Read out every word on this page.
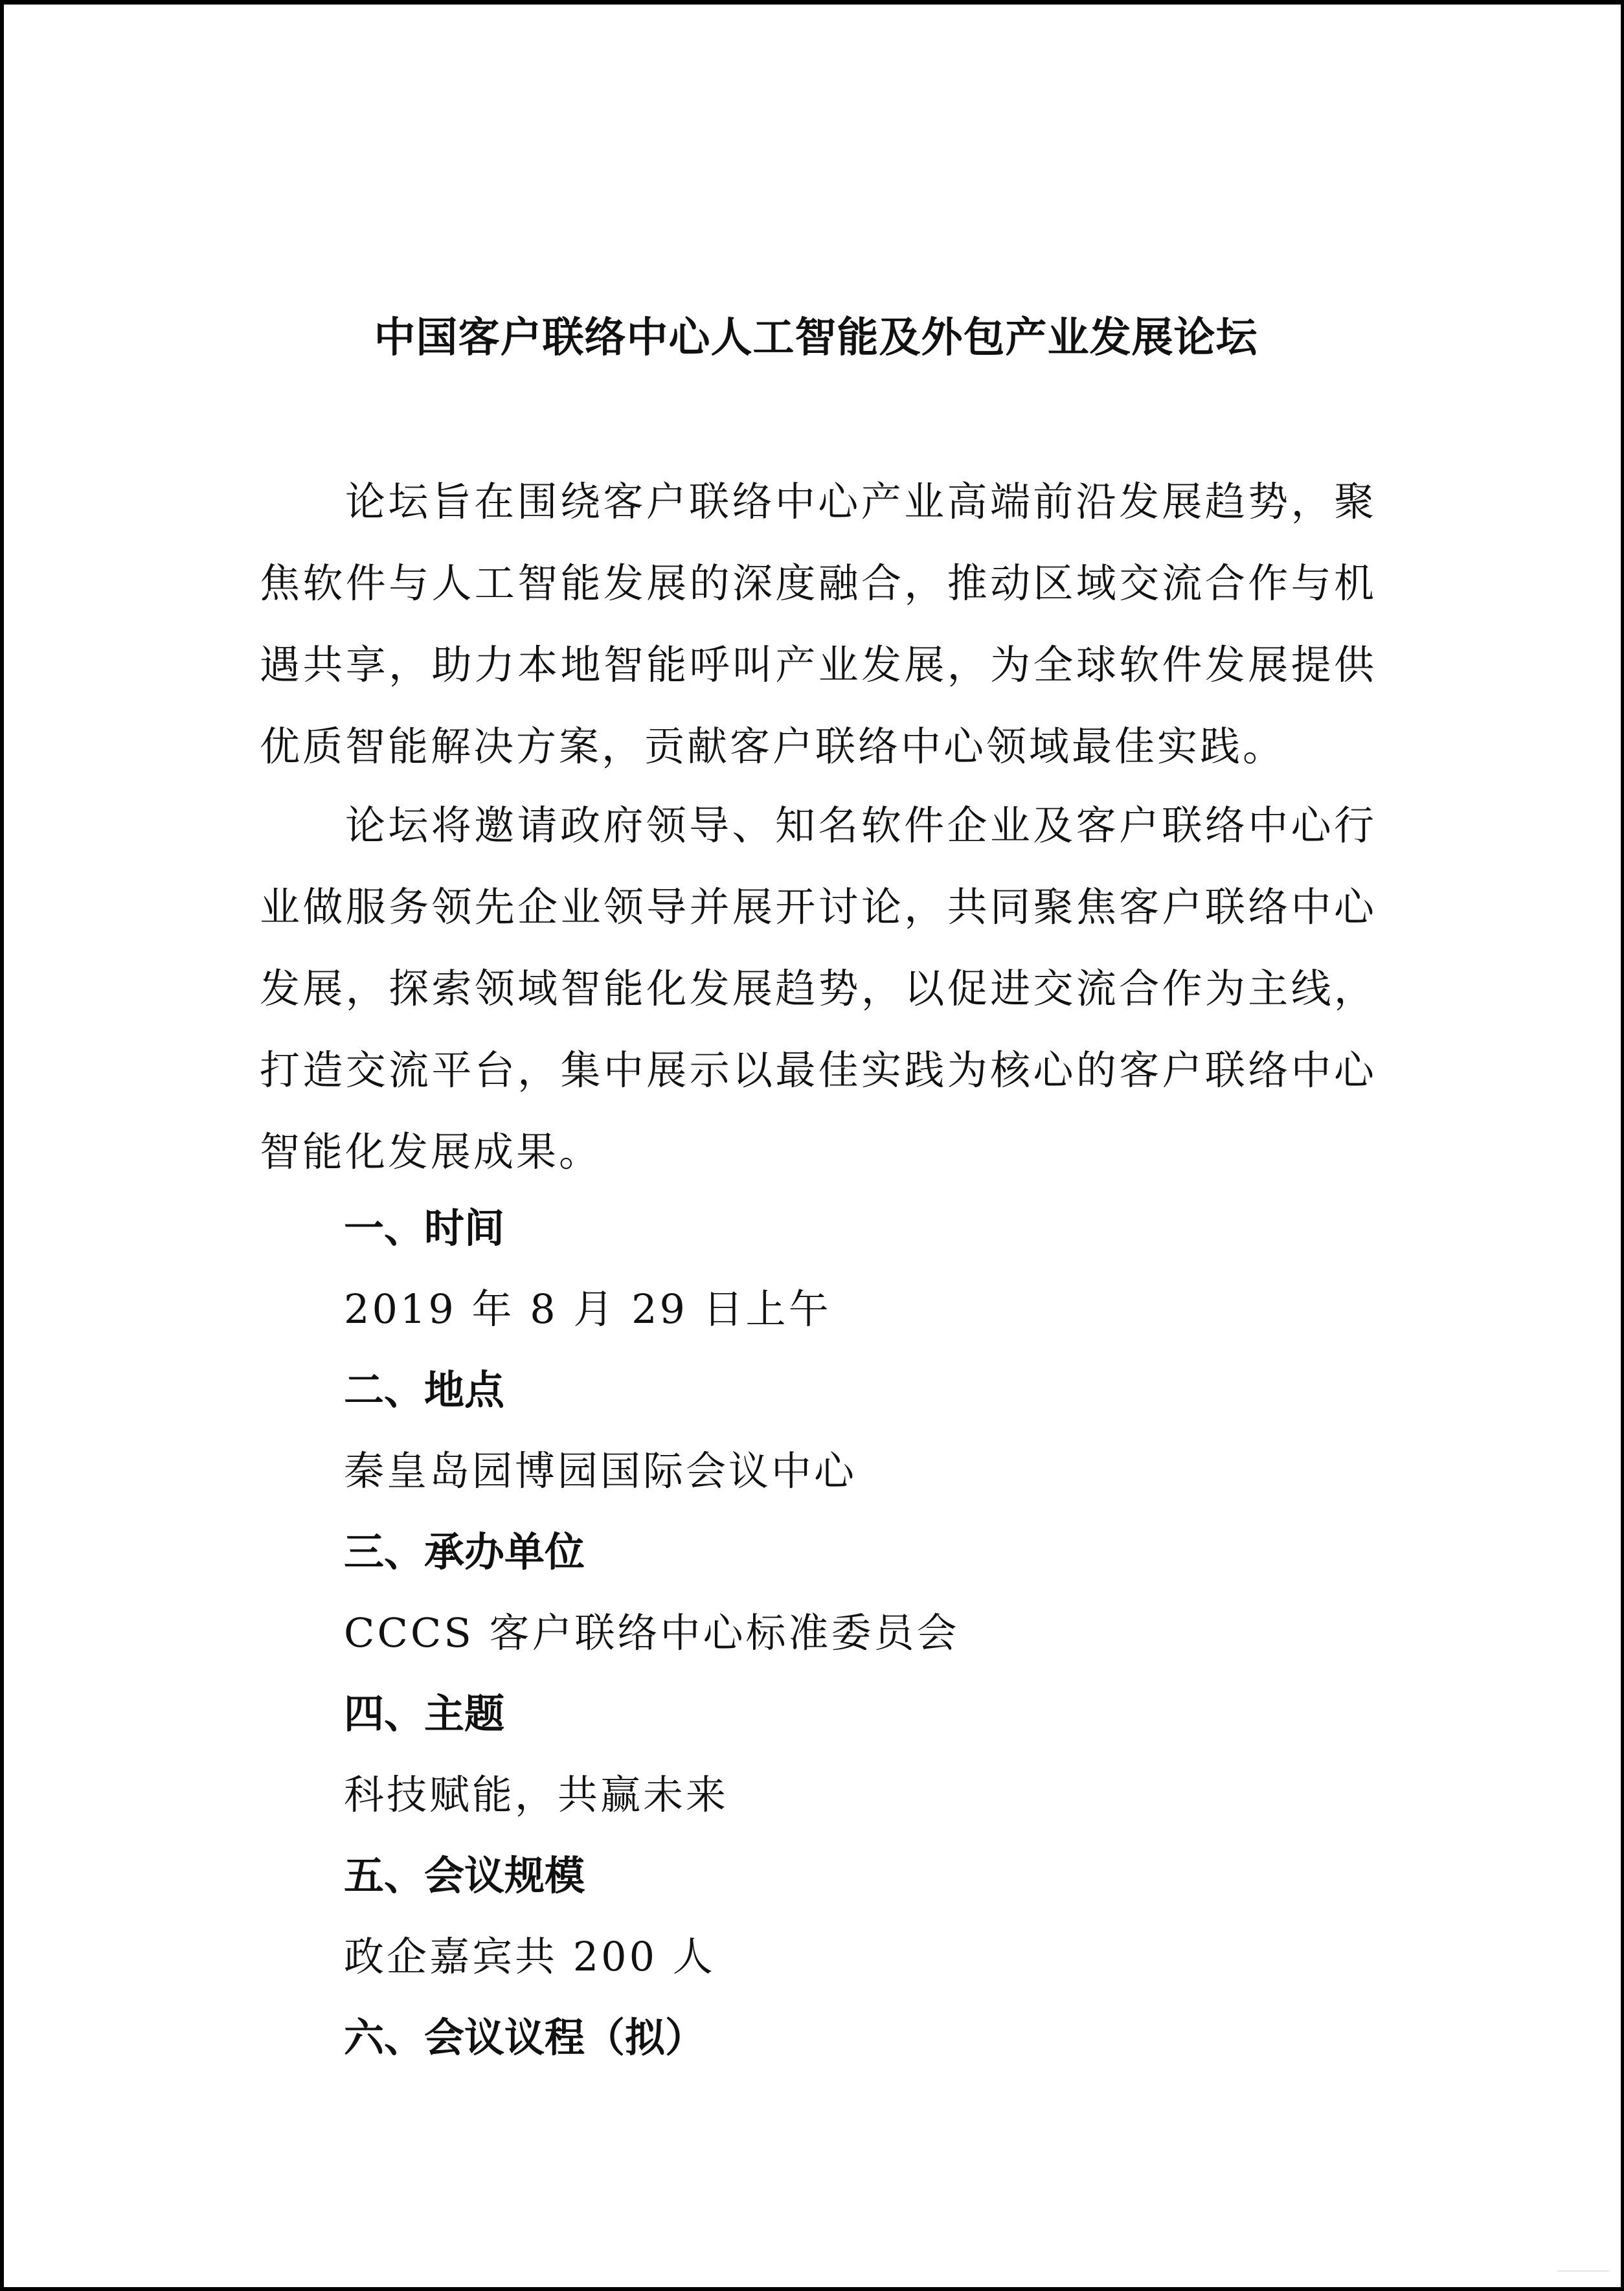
中国客户联络中心人工智能及外包产业发展论坛

论坛旨在围绕客户联络中心产业高端前沿发展趋势，聚焦软件与人工智能发展的深度融合，推动区域交流合作与机遇共享，助力本地智能呼叫产业发展，为全球软件发展提供优质智能解决方案，贡献客户联络中心领域最佳实践。

论坛将邀请政府领导、知名软件企业及客户联络中心行业做服务领先企业领导并展开讨论，共同聚焦客户联络中心发展，探索领域智能化发展趋势，以促进交流合作为主线，打造交流平台，集中展示以最佳实践为核心的客户联络中心智能化发展成果。

一、时间
2019 年 8 月 29 日上午
二、地点
秦皇岛园博园国际会议中心
三、承办单位
CCCS 客户联络中心标准委员会
四、主题
科技赋能，共赢未来
五、会议规模
政企嘉宾共 200 人
六、会议议程（拟）
